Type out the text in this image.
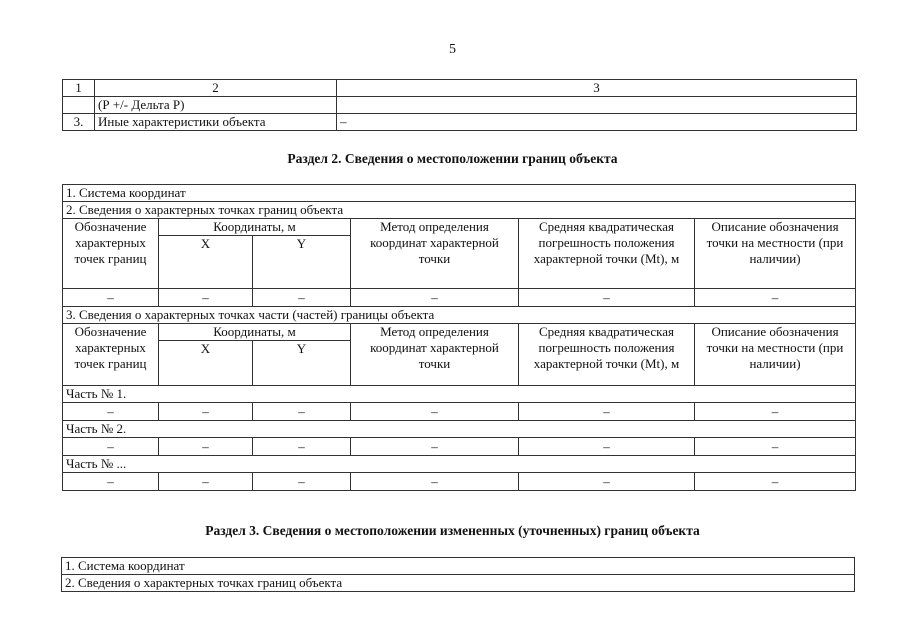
5
1	2	3
	(Р +/- Дельта Р)	
3.	Иные характеристики объекта	–
Раздел 2. Сведения о местоположении границ объекта
1. Система координат					
2. Сведения о характерных точках границ объекта					
Обозначение характерных точек границ	Координаты, м		Метод определения координат характерной точки	Средняя квадратическая погрешность положения характерной точки (Mt), м	Описание обозначения точки на местности (при наличии)
	X	Y			
–	–	–	–	–	–
3. Сведения о характерных точках части (частей) границы объекта					
Обозначение характерных точек границ	Координаты, м		Метод определения координат характерной точки	Средняя квадратическая погрешность положения характерной точки (Mt), м	Описание обозначения точки на местности (при наличии)
	X	Y			
Часть № 1.					
–	–	–	–	–	–
Часть № 2.					
–	–	–	–	–	–
Часть № ...					
–	–	–	–	–	–
Раздел 3. Сведения о местоположении измененных (уточненных) границ объекта
1. Система координат
2. Сведения о характерных точках границ объекта
